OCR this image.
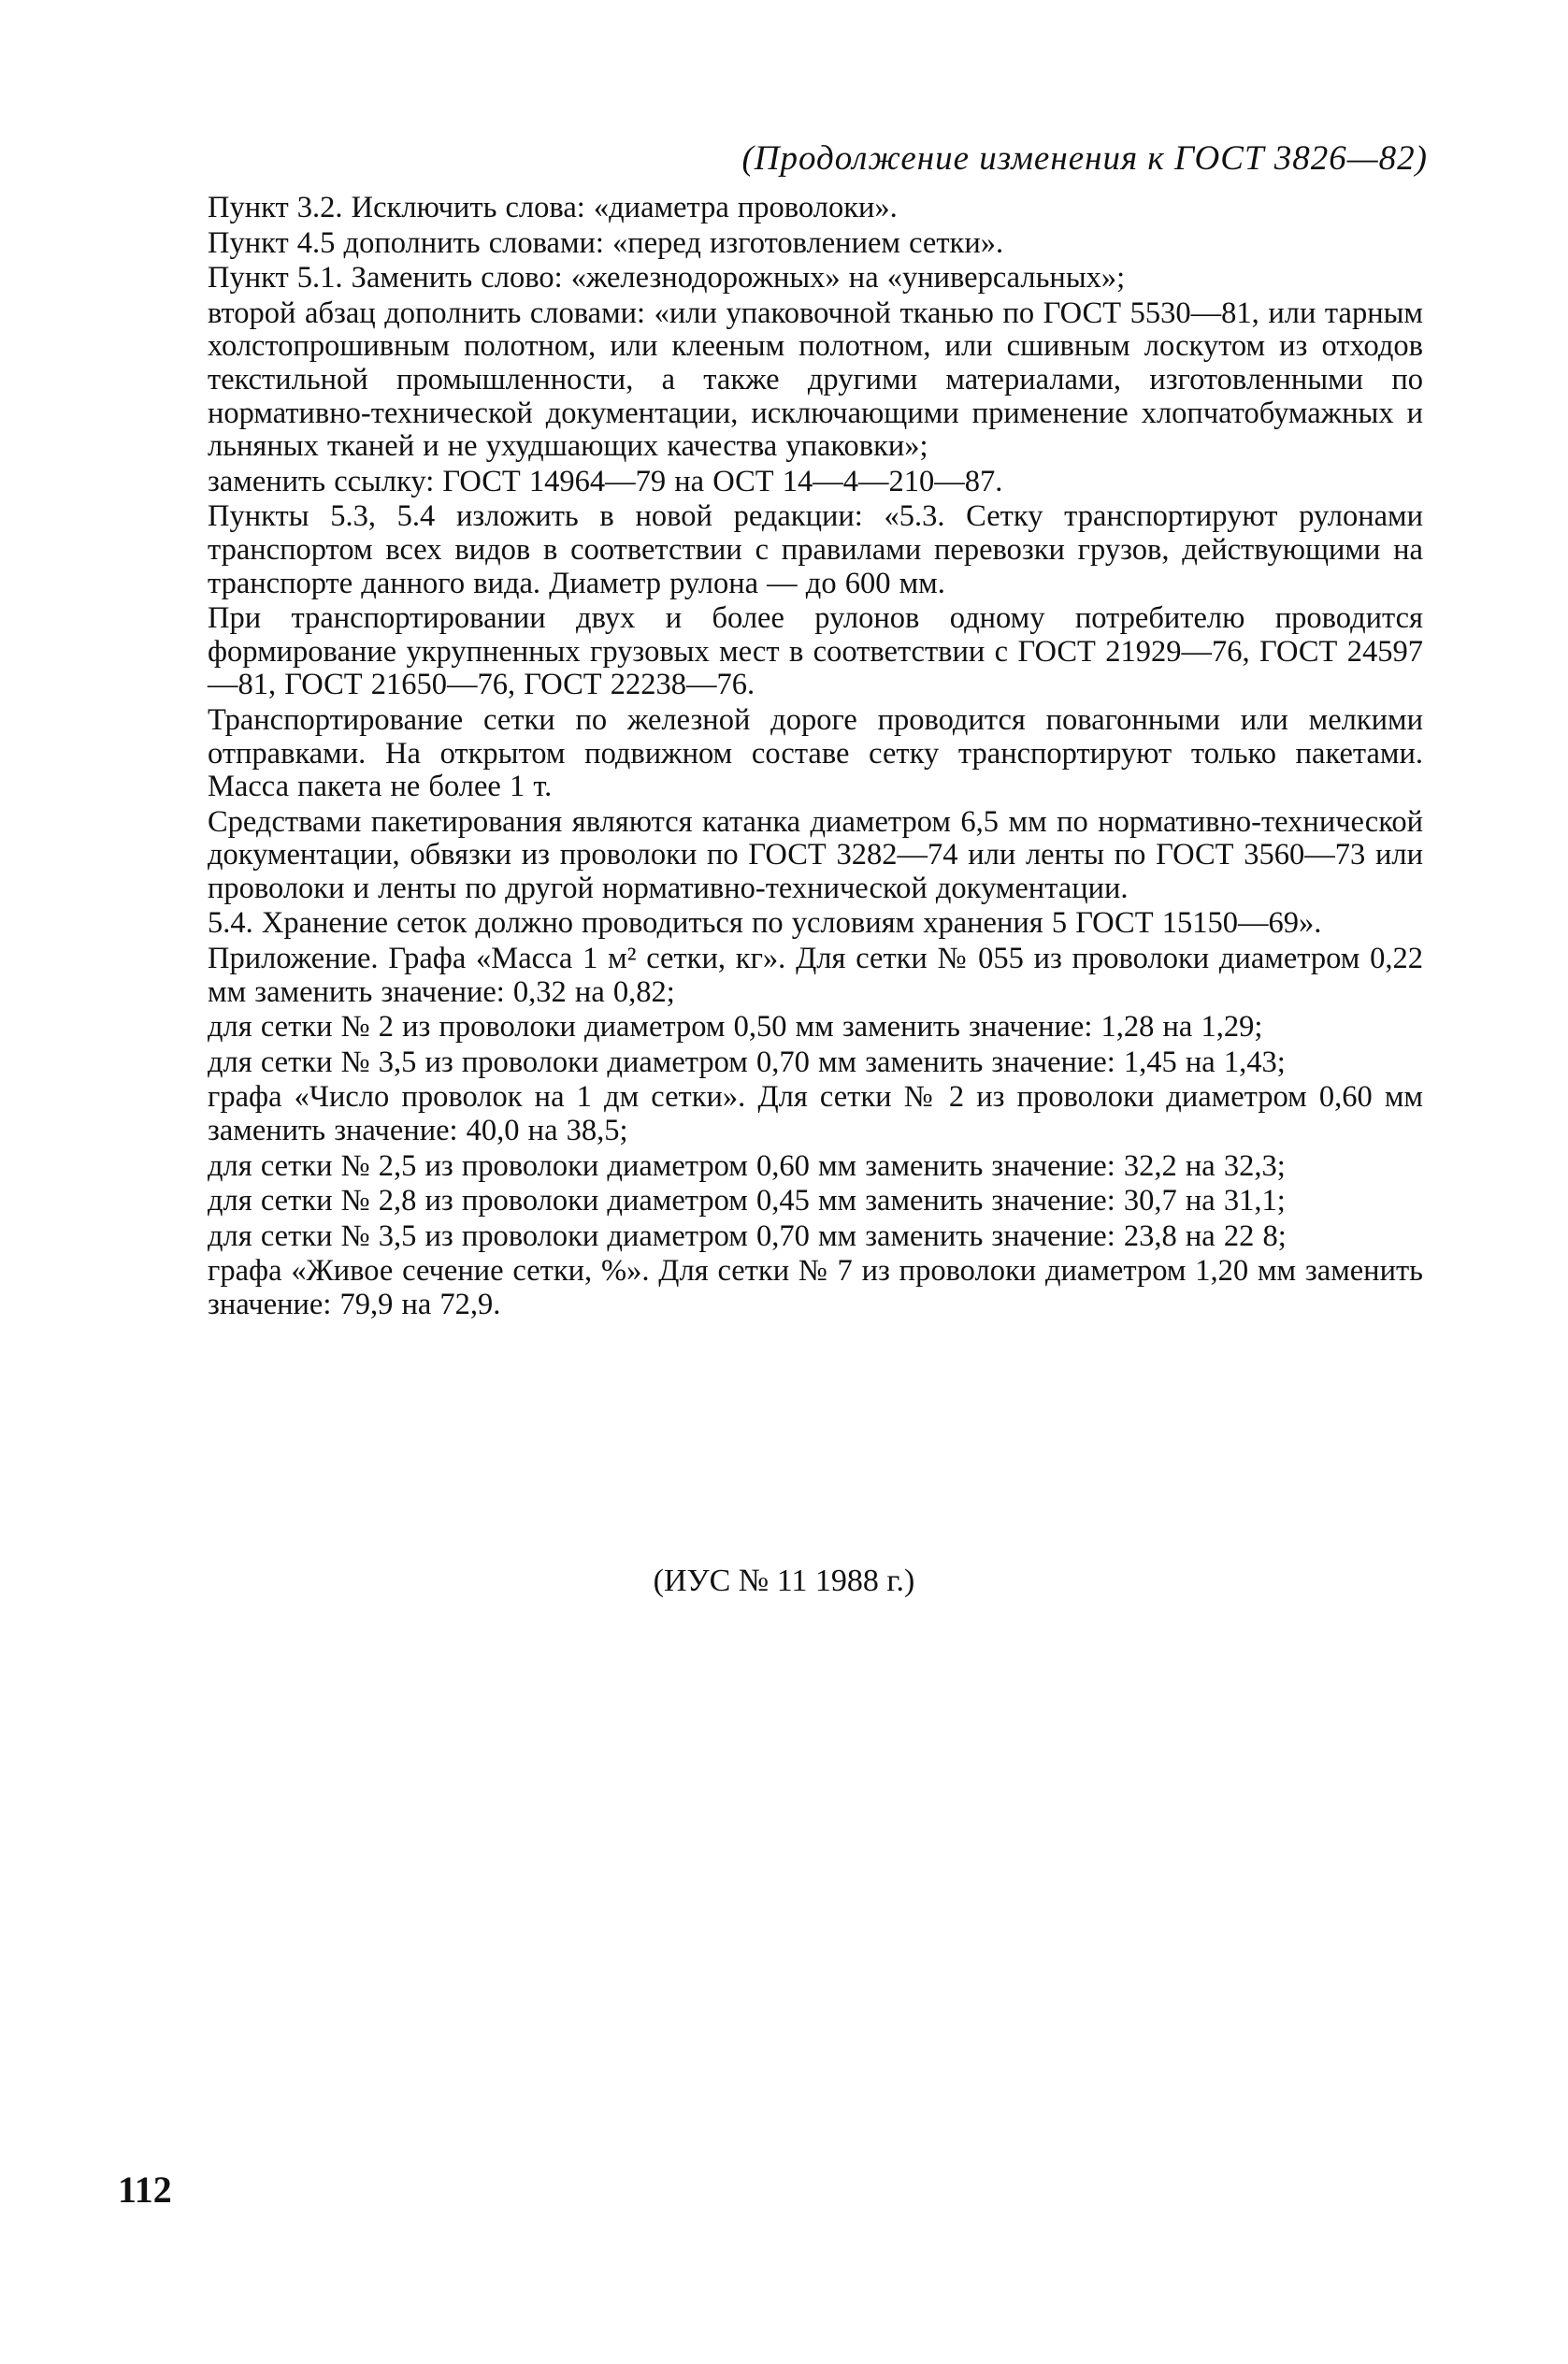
(Продолжение изменения к ГОСТ 3826—82)

Пункт 3.2. Исключить слова: «диаметра проволоки».

Пункт 4.5 дополнить словами: «перед изготовлением сетки».

Пункт 5.1. Заменить слово: «железнодорожных» на «универсальных»;

второй абзац дополнить словами: «или упаковочной тканью по ГОСТ 5530—81, или тарным холстопрошивным полотном, или клееным полотном, или сшивным лоскутом из отходов текстильной промышленности, а также другими материалами, изготовленными по нормативно-технической документации, исключающими применение хлопчатобумажных и льняных тканей и не ухудшающих качества упаковки»;

заменить ссылку: ГОСТ 14964—79 на ОСТ 14—4—210—87.

Пункты 5.3, 5.4 изложить в новой редакции: «5.3. Сетку транспортируют рулонами транспортом всех видов в соответствии с правилами перевозки грузов, действующими на транспорте данного вида. Диаметр рулона — до 600 мм.

При транспортировании двух и более рулонов одному потребителю проводится формирование укрупненных грузовых мест в соответствии с ГОСТ 21929—76, ГОСТ 24597—81, ГОСТ 21650—76, ГОСТ 22238—76.

Транспортирование сетки по железной дороге проводится повагонными или мелкими отправками. На открытом подвижном составе сетку транспортируют только пакетами. Масса пакета не более 1 т.

Средствами пакетирования являются катанка диаметром 6,5 мм по нормативно-технической документации, обвязки из проволоки по ГОСТ 3282—74 или ленты по ГОСТ 3560—73 или проволоки и ленты по другой нормативно-технической документации.

5.4. Хранение сеток должно проводиться по условиям хранения 5 ГОСТ 15150—69».

Приложение. Графа «Масса 1 м² сетки, кг». Для сетки № 055 из проволоки диаметром 0,22 мм заменить значение: 0,32 на 0,82;

для сетки № 2 из проволоки диаметром 0,50 мм заменить значение: 1,28 на 1,29;

для сетки № 3,5 из проволоки диаметром 0,70 мм заменить значение: 1,45 на 1,43;

графа «Число проволок на 1 дм сетки». Для сетки № 2 из проволоки диаметром 0,60 мм заменить значение: 40,0 на 38,5;

для сетки № 2,5 из проволоки диаметром 0,60 мм заменить значение: 32,2 на 32,3;

для сетки № 2,8 из проволоки диаметром 0,45 мм заменить значение: 30,7 на 31,1;

для сетки № 3,5 из проволоки диаметром 0,70 мм заменить значение: 23,8 на 22 8;

графа «Живое сечение сетки, %». Для сетки № 7 из проволоки диаметром 1,20 мм заменить значение: 79,9 на 72,9.

(ИУС № 11 1988 г.)
112
